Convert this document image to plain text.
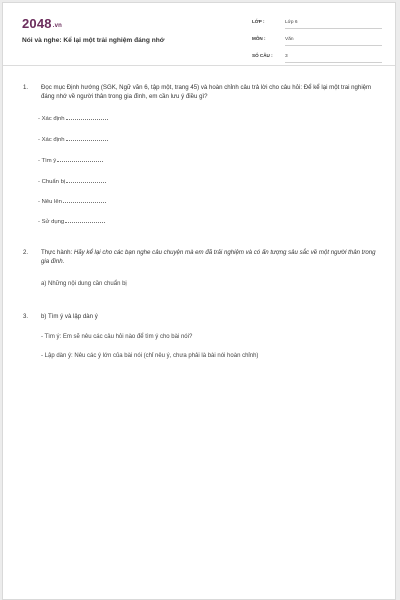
2048.vn
Nói và nghe: Kể lại một trải nghiệm đáng nhớ
LỚP :	Lớp 6
MÔN :	Văn
SỐ CÂU :	3
1. Đọc mục Định hướng (SGK, Ngữ văn 6, tập một, trang 45) và hoàn chỉnh câu trả lời cho câu hỏi: Để kể lại một trai nghiệm đáng nhớ về người thân trong gia đình, em cần lưu ý điều gì?
- Xác định
- Xác định
- Tìm ý
- Chuẩn bị
- Nêu lên
- Sử dụng
2. Thực hành: Hãy kể lại cho các bạn nghe câu chuyện mà em đã trải nghiệm và có ấn tượng sâu sắc về một người thân trong gia đình.
a) Những nội dung cần chuẩn bị
3. b) Tìm ý và lập dàn ý
- Tìm ý: Em sẽ nêu các câu hỏi nào để tìm ý cho bài nói?
- Lập dàn ý: Nêu các ý lớn của bài nói (chỉ nêu ý, chưa phải là bài nói hoàn chỉnh)
